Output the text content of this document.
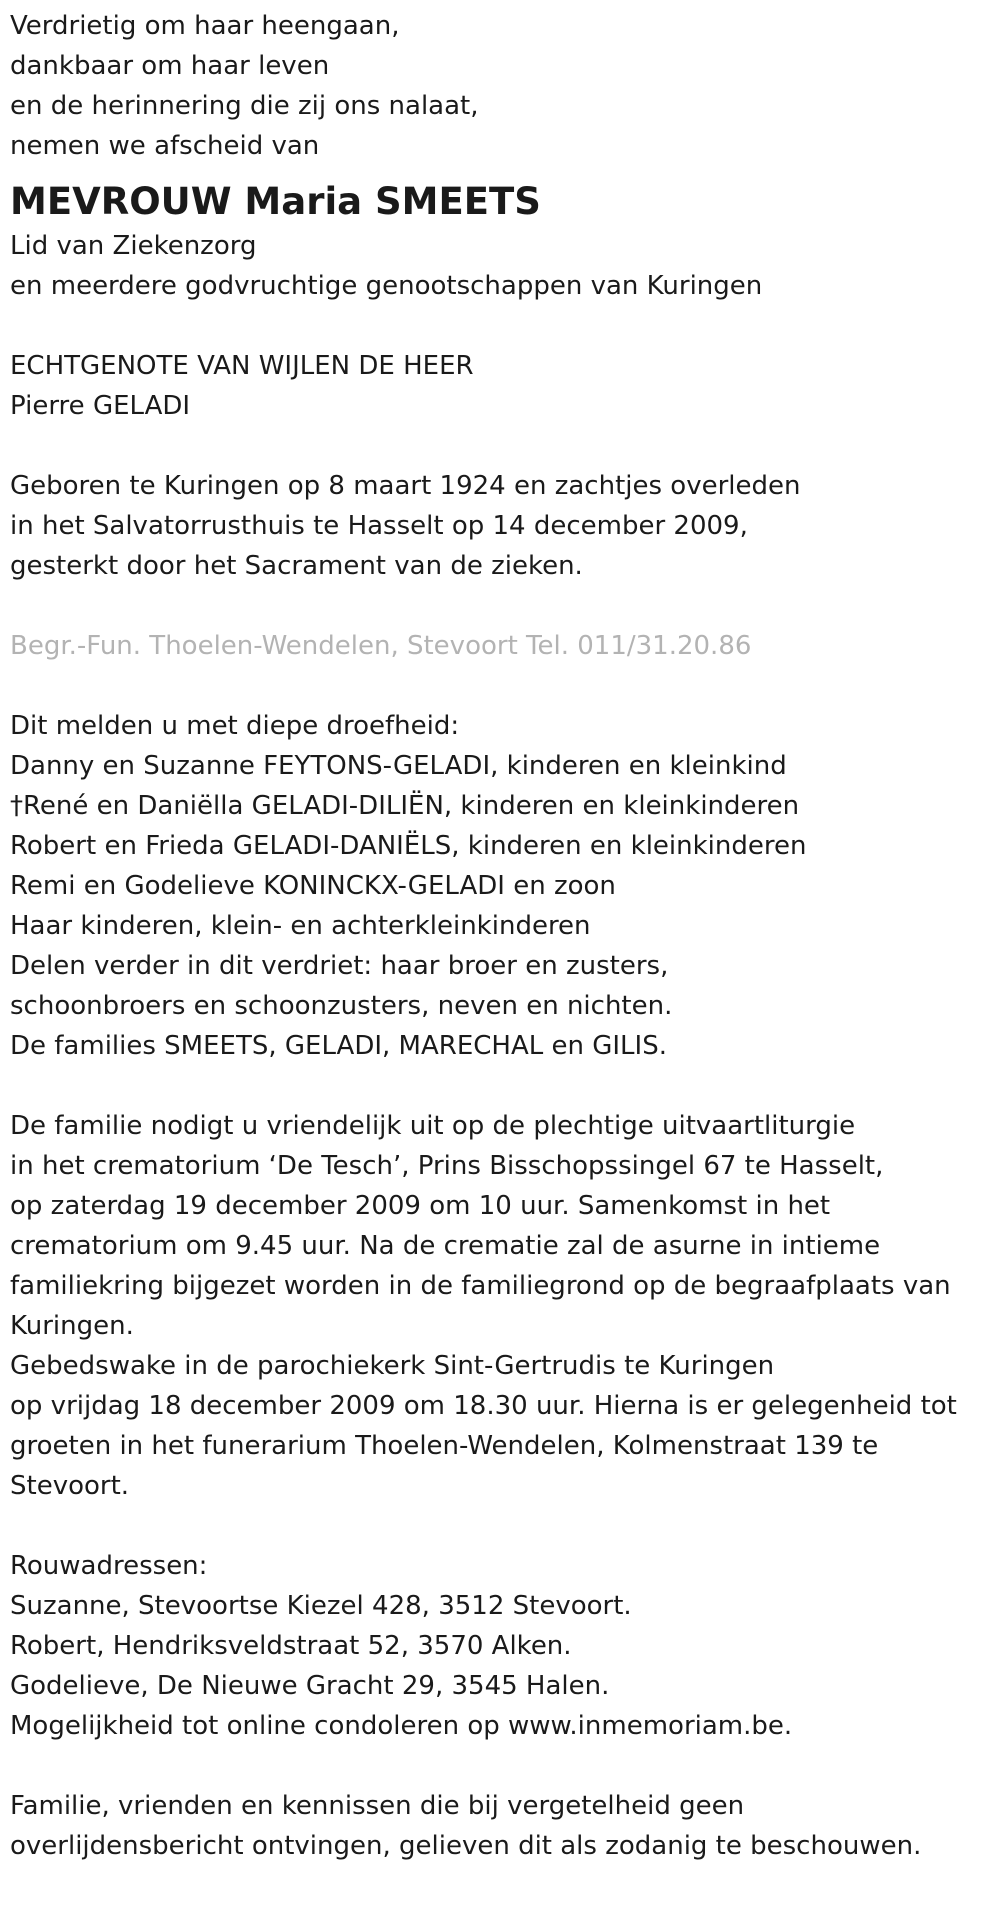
Verdrietig om haar heengaan,
dankbaar om haar leven
en de herinnering die zij ons nalaat,
nemen we afscheid van
MEVROUW Maria SMEETS
Lid van Ziekenzorg
en meerdere godvruchtige genootschappen van Kuringen
ECHTGENOTE VAN WIJLEN DE HEER
Pierre GELADI
Geboren te Kuringen op 8 maart 1924 en zachtjes overleden
in het Salvatorrusthuis te Hasselt op 14 december 2009,
gesterkt door het Sacrament van de zieken.
Begr.-Fun. Thoelen-Wendelen, Stevoort Tel. 011/31.20.86
Dit melden u met diepe droefheid:
Danny en Suzanne FEYTONS-GELADI, kinderen en kleinkind
†René en Daniëlla GELADI-DILIËN, kinderen en kleinkinderen
Robert en Frieda GELADI-DANIËLS, kinderen en kleinkinderen
Remi en Godelieve KONINCKX-GELADI en zoon
Haar kinderen, klein- en achterkleinkinderen
Delen verder in dit verdriet: haar broer en zusters,
schoonbroers en schoonzusters, neven en nichten.
De families SMEETS, GELADI, MARECHAL en GILIS.
De familie nodigt u vriendelijk uit op de plechtige uitvaartliturgie
in het crematorium ‘De Tesch’, Prins Bisschopssingel 67 te Hasselt,
op zaterdag 19 december 2009 om 10 uur. Samenkomst in het
crematorium om 9.45 uur. Na de crematie zal de asurne in intieme
familiekring bijgezet worden in de familiegrond op de begraafplaats van
Kuringen.
Gebedswake in de parochiekerk Sint-Gertrudis te Kuringen
op vrijdag 18 december 2009 om 18.30 uur. Hierna is er gelegenheid tot
groeten in het funerarium Thoelen-Wendelen, Kolmenstraat 139 te
Stevoort.
Rouwadressen:
Suzanne, Stevoortse Kiezel 428, 3512 Stevoort.
Robert, Hendriksveldstraat 52, 3570 Alken.
Godelieve, De Nieuwe Gracht 29, 3545 Halen.
Mogelijkheid tot online condoleren op www.inmemoriam.be.
Familie, vrienden en kennissen die bij vergetelheid geen
overlijdensbericht ontvingen, gelieven dit als zodanig te beschouwen.
